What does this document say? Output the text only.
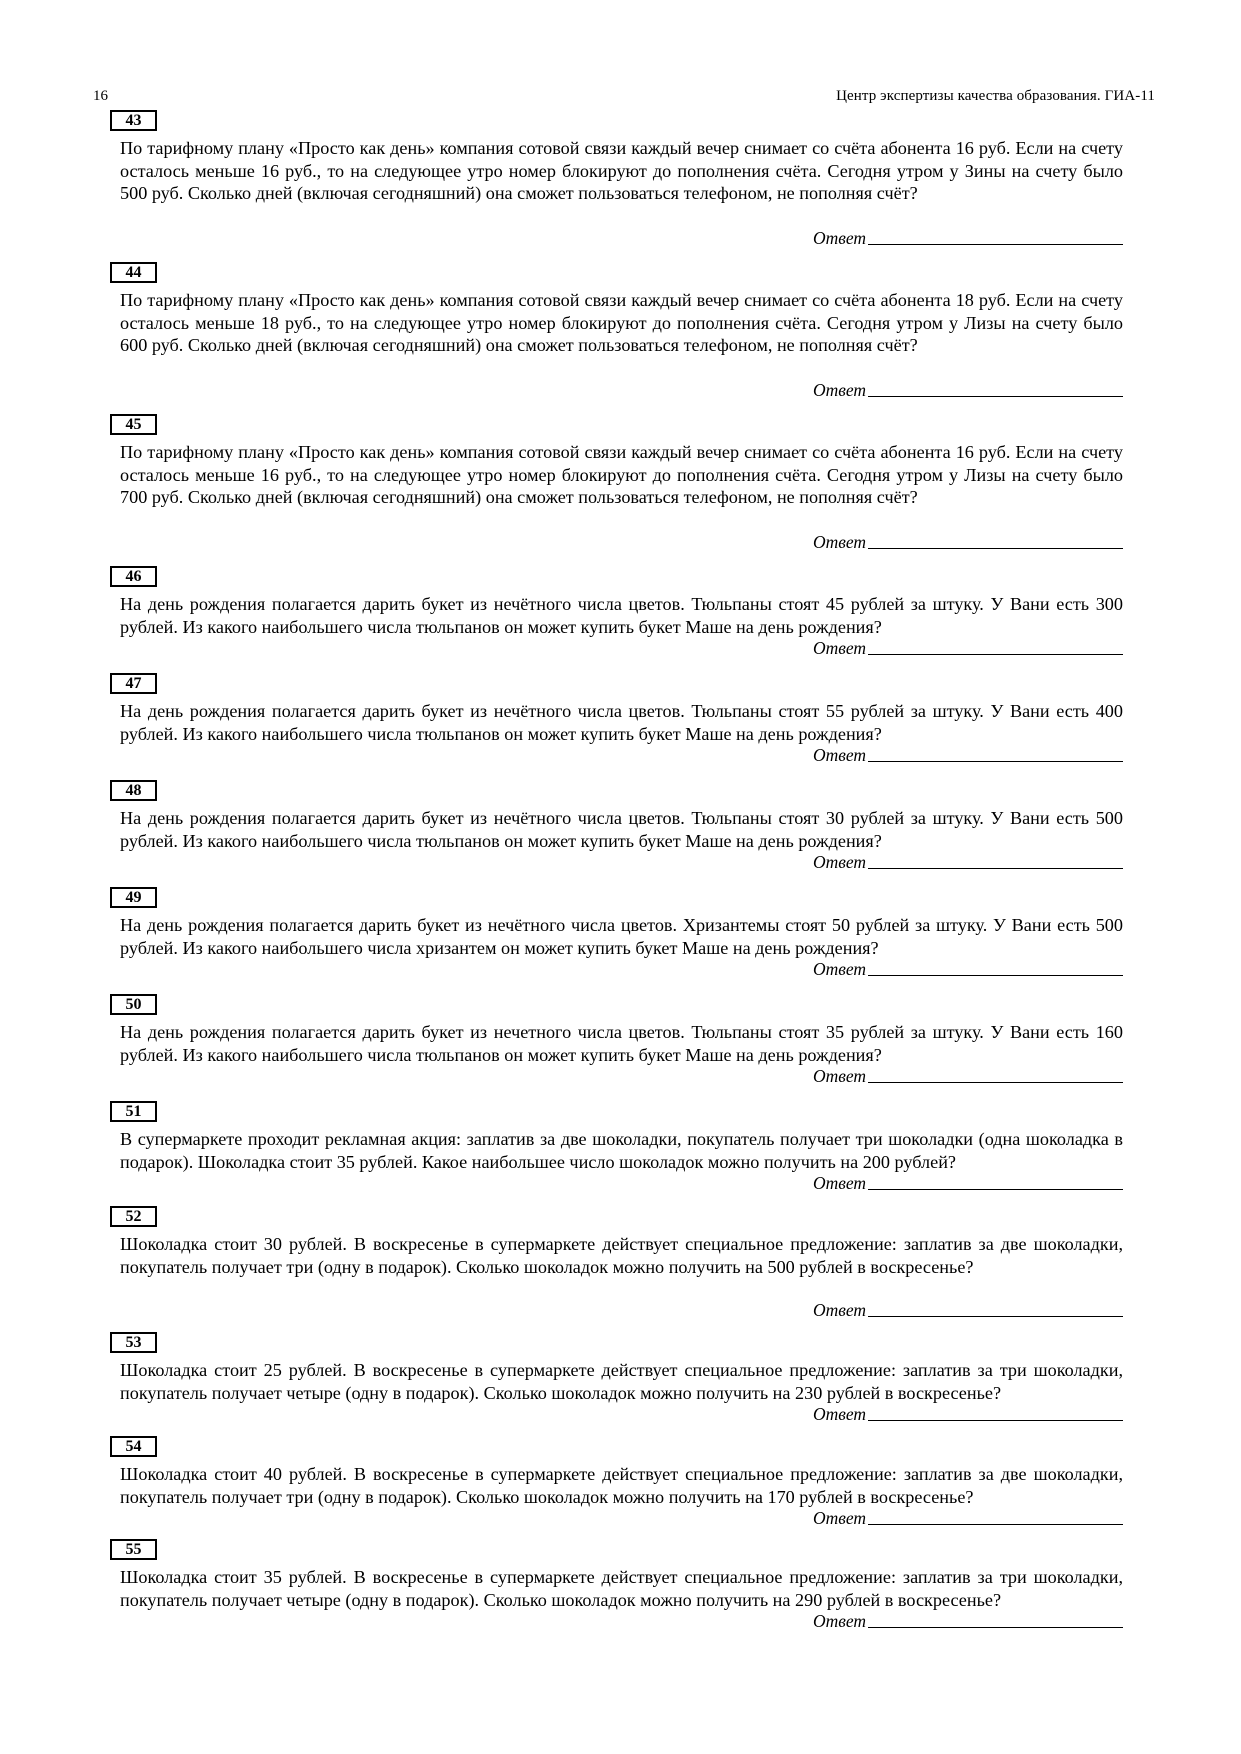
16	Центр экспертизы качества образования. ГИА-11
43

По тарифному плану «Просто как день» компания сотовой связи каждый вечер снимает со счёта абонента 16 руб. Если на счету осталось меньше 16 руб., то на следующее утро номер блокируют до пополнения счёта. Сегодня утром у Зины на счету было 500 руб. Сколько дней (включая сегодняшний) она сможет пользоваться телефоном, не пополняя счёт?

Ответ
44

По тарифному плану «Просто как день» компания сотовой связи каждый вечер снимает со счёта абонента 18 руб. Если на счету осталось меньше 18 руб., то на следующее утро номер блокируют до пополнения счёта. Сегодня утром у Лизы на счету было 600 руб. Сколько дней (включая сегодняшний) она сможет пользоваться телефоном, не пополняя счёт?

Ответ
45

По тарифному плану «Просто как день» компания сотовой связи каждый вечер снимает со счёта абонента 16 руб. Если на счету осталось меньше 16 руб., то на следующее утро номер блокируют до пополнения счёта. Сегодня утром у Лизы на счету было 700 руб. Сколько дней (включая сегодняшний) она сможет пользоваться телефоном, не пополняя счёт?

Ответ
46

На день рождения полагается дарить букет из нечётного числа цветов. Тюльпаны стоят 45 рублей за штуку. У Вани есть 300 рублей. Из какого наибольшего числа тюльпанов он может купить букет Маше на день рождения?

Ответ
47

На день рождения полагается дарить букет из нечётного числа цветов. Тюльпаны стоят 55 рублей за штуку. У Вани есть 400 рублей. Из какого наибольшего числа тюльпанов он может купить букет Маше на день рождения?

Ответ
48

На день рождения полагается дарить букет из нечётного числа цветов. Тюльпаны стоят 30 рублей за штуку. У Вани есть 500 рублей. Из какого наибольшего числа тюльпанов он может купить букет Маше на день рождения?

Ответ
49

На день рождения полагается дарить букет из нечётного числа цветов. Хризантемы стоят 50 рублей за штуку. У Вани есть 500 рублей. Из какого наибольшего числа хризантем он может купить букет Маше на день рождения?

Ответ
50

На день рождения полагается дарить букет из нечетного числа цветов. Тюльпаны стоят 35 рублей за штуку. У Вани есть 160 рублей. Из какого наибольшего числа тюльпанов он может купить букет Маше на день рождения?

Ответ
51

В супермаркете проходит рекламная акция: заплатив за две шоколадки, покупатель получает три шоколадки (одна шоколадка в подарок). Шоколадка стоит 35 рублей. Какое наибольшее число шоколадок можно получить на 200 рублей?

Ответ
52

Шоколадка стоит 30 рублей. В воскресенье в супермаркете действует специальное предложение: заплатив за две шоколадки, покупатель получает три (одну в подарок). Сколько шоколадок можно получить на 500 рублей в воскресенье?

Ответ
53

Шоколадка стоит 25 рублей. В воскресенье в супермаркете действует специальное предложение: заплатив за три шоколадки, покупатель получает четыре (одну в подарок). Сколько шоколадок можно получить на 230 рублей в воскресенье?

Ответ
54

Шоколадка стоит 40 рублей. В воскресенье в супермаркете действует специальное предложение: заплатив за две шоколадки, покупатель получает три (одну в подарок). Сколько шоколадок можно получить на 170 рублей в воскресенье?

Ответ
55

Шоколадка стоит 35 рублей. В воскресенье в супермаркете действует специальное предложение: заплатив за три шоколадки, покупатель получает четыре (одну в подарок). Сколько шоколадок можно получить на 290 рублей в воскресенье?

Ответ
